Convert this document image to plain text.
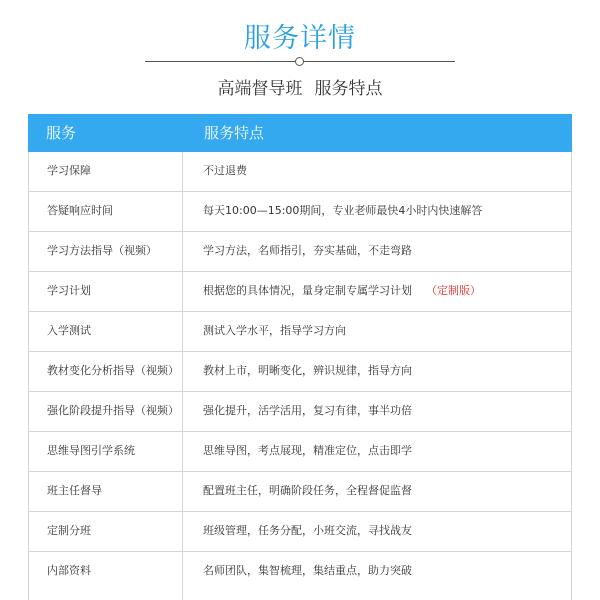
服务详情
高端督导班 服务特点
服务	服务特点
学习保障	不过退费
答疑响应时间	每天10:00—15:00期间，专业老师最快4小时内快速解答
学习方法指导（视频）	学习方法，名师指引，夯实基础，不走弯路
学习计划	根据您的具体情况，量身定制专属学习计划 （定制版）
入学测试	测试入学水平，指导学习方向
教材变化分析指导（视频） 教材上市，明晰变化，辨识规律，指导方向
强化阶段提升指导（视频） 强化提升，活学活用，复习有律，事半功倍
思维导图引学系统	思维导图，考点展现，精准定位，点击即学
班主任督导	配置班主任，明确阶段任务，全程督促监督
定制分班	班级管理，任务分配，小班交流，寻找战友
内部资料	名师团队，集智梳理，集结重点，助力突破
